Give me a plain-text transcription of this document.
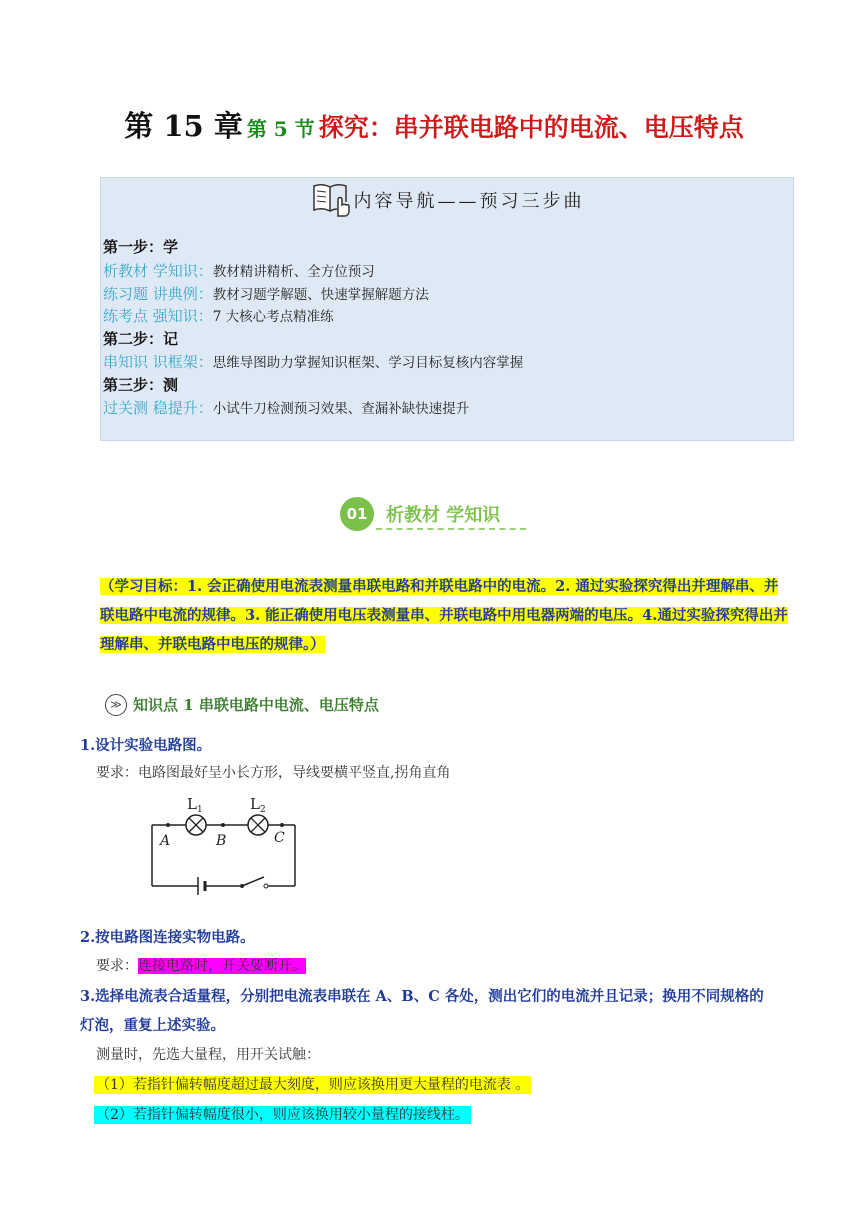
第 15 章 第 5 节 探究：串并联电路中的电流、电压特点
内容导航——预习三步曲
第一步：学
析教材 学知识：教材精讲精析、全方位预习
练习题 讲典例：教材习题学解题、快速掌握解题方法
练考点 强知识：7 大核心考点精准练
第二步：记
串知识 识框架：思维导图助力掌握知识框架、学习目标复核内容掌握
第三步：测
过关测 稳提升：小试牛刀检测预习效果、查漏补缺快速提升
01	析教材 学知识
（学习目标：1. 会正确使用电流表测量串联电路和并联电路中的电流。2. 通过实验探究得出并理解串、并联电路中电流的规律。3. 能正确使用电压表测量串、并联电路中用电器两端的电压。4.通过实验探究得出并理解串、并联电路中电压的规律。）
≫ 知识点 1 串联电路中电流、电压特点
1.设计实验电路图。
要求：电路图最好呈小长方形，导线要横平竖直,拐角直角
$L_1$	$L_2$
A	B	C
2.按电路图连接实物电路。
要求：连接电路时，开关要断开。
3.选择电流表合适量程，分别把电流表串联在 A、B、C 各处，测出它们的电流并且记录；换用不同规格的
灯泡，重复上述实验。
测量时，先选大量程，用开关试触：
（1）若指针偏转幅度超过最大刻度，则应该换用更大量程的电流表 。
（2）若指针偏转幅度很小，则应该换用较小量程的接线柱。
